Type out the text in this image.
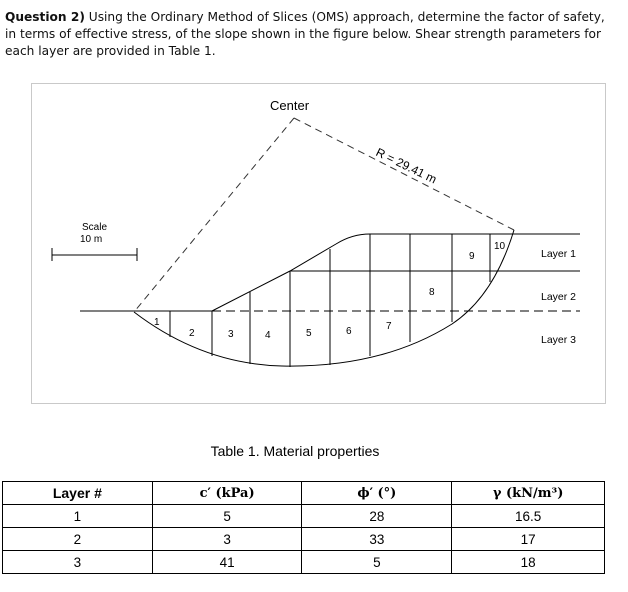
Question 2) Using the Ordinary Method of Slices (OMS) approach, determine the factor of safety, in terms of effective stress, of the slope shown in the figure below. Shear strength parameters for each layer are provided in Table 1.
Center
R = 29.41 m
Scale
10 m
Layer 1
Layer 2
Layer 3
1
2	3	4	5	6	7
8
9
10
Table 1. Material properties
Layer #	c′ (kPa)	ϕ′ (°)	γ (kN/m³)
1	5	28	16.5
2	3	33	17
3	41	5	18
